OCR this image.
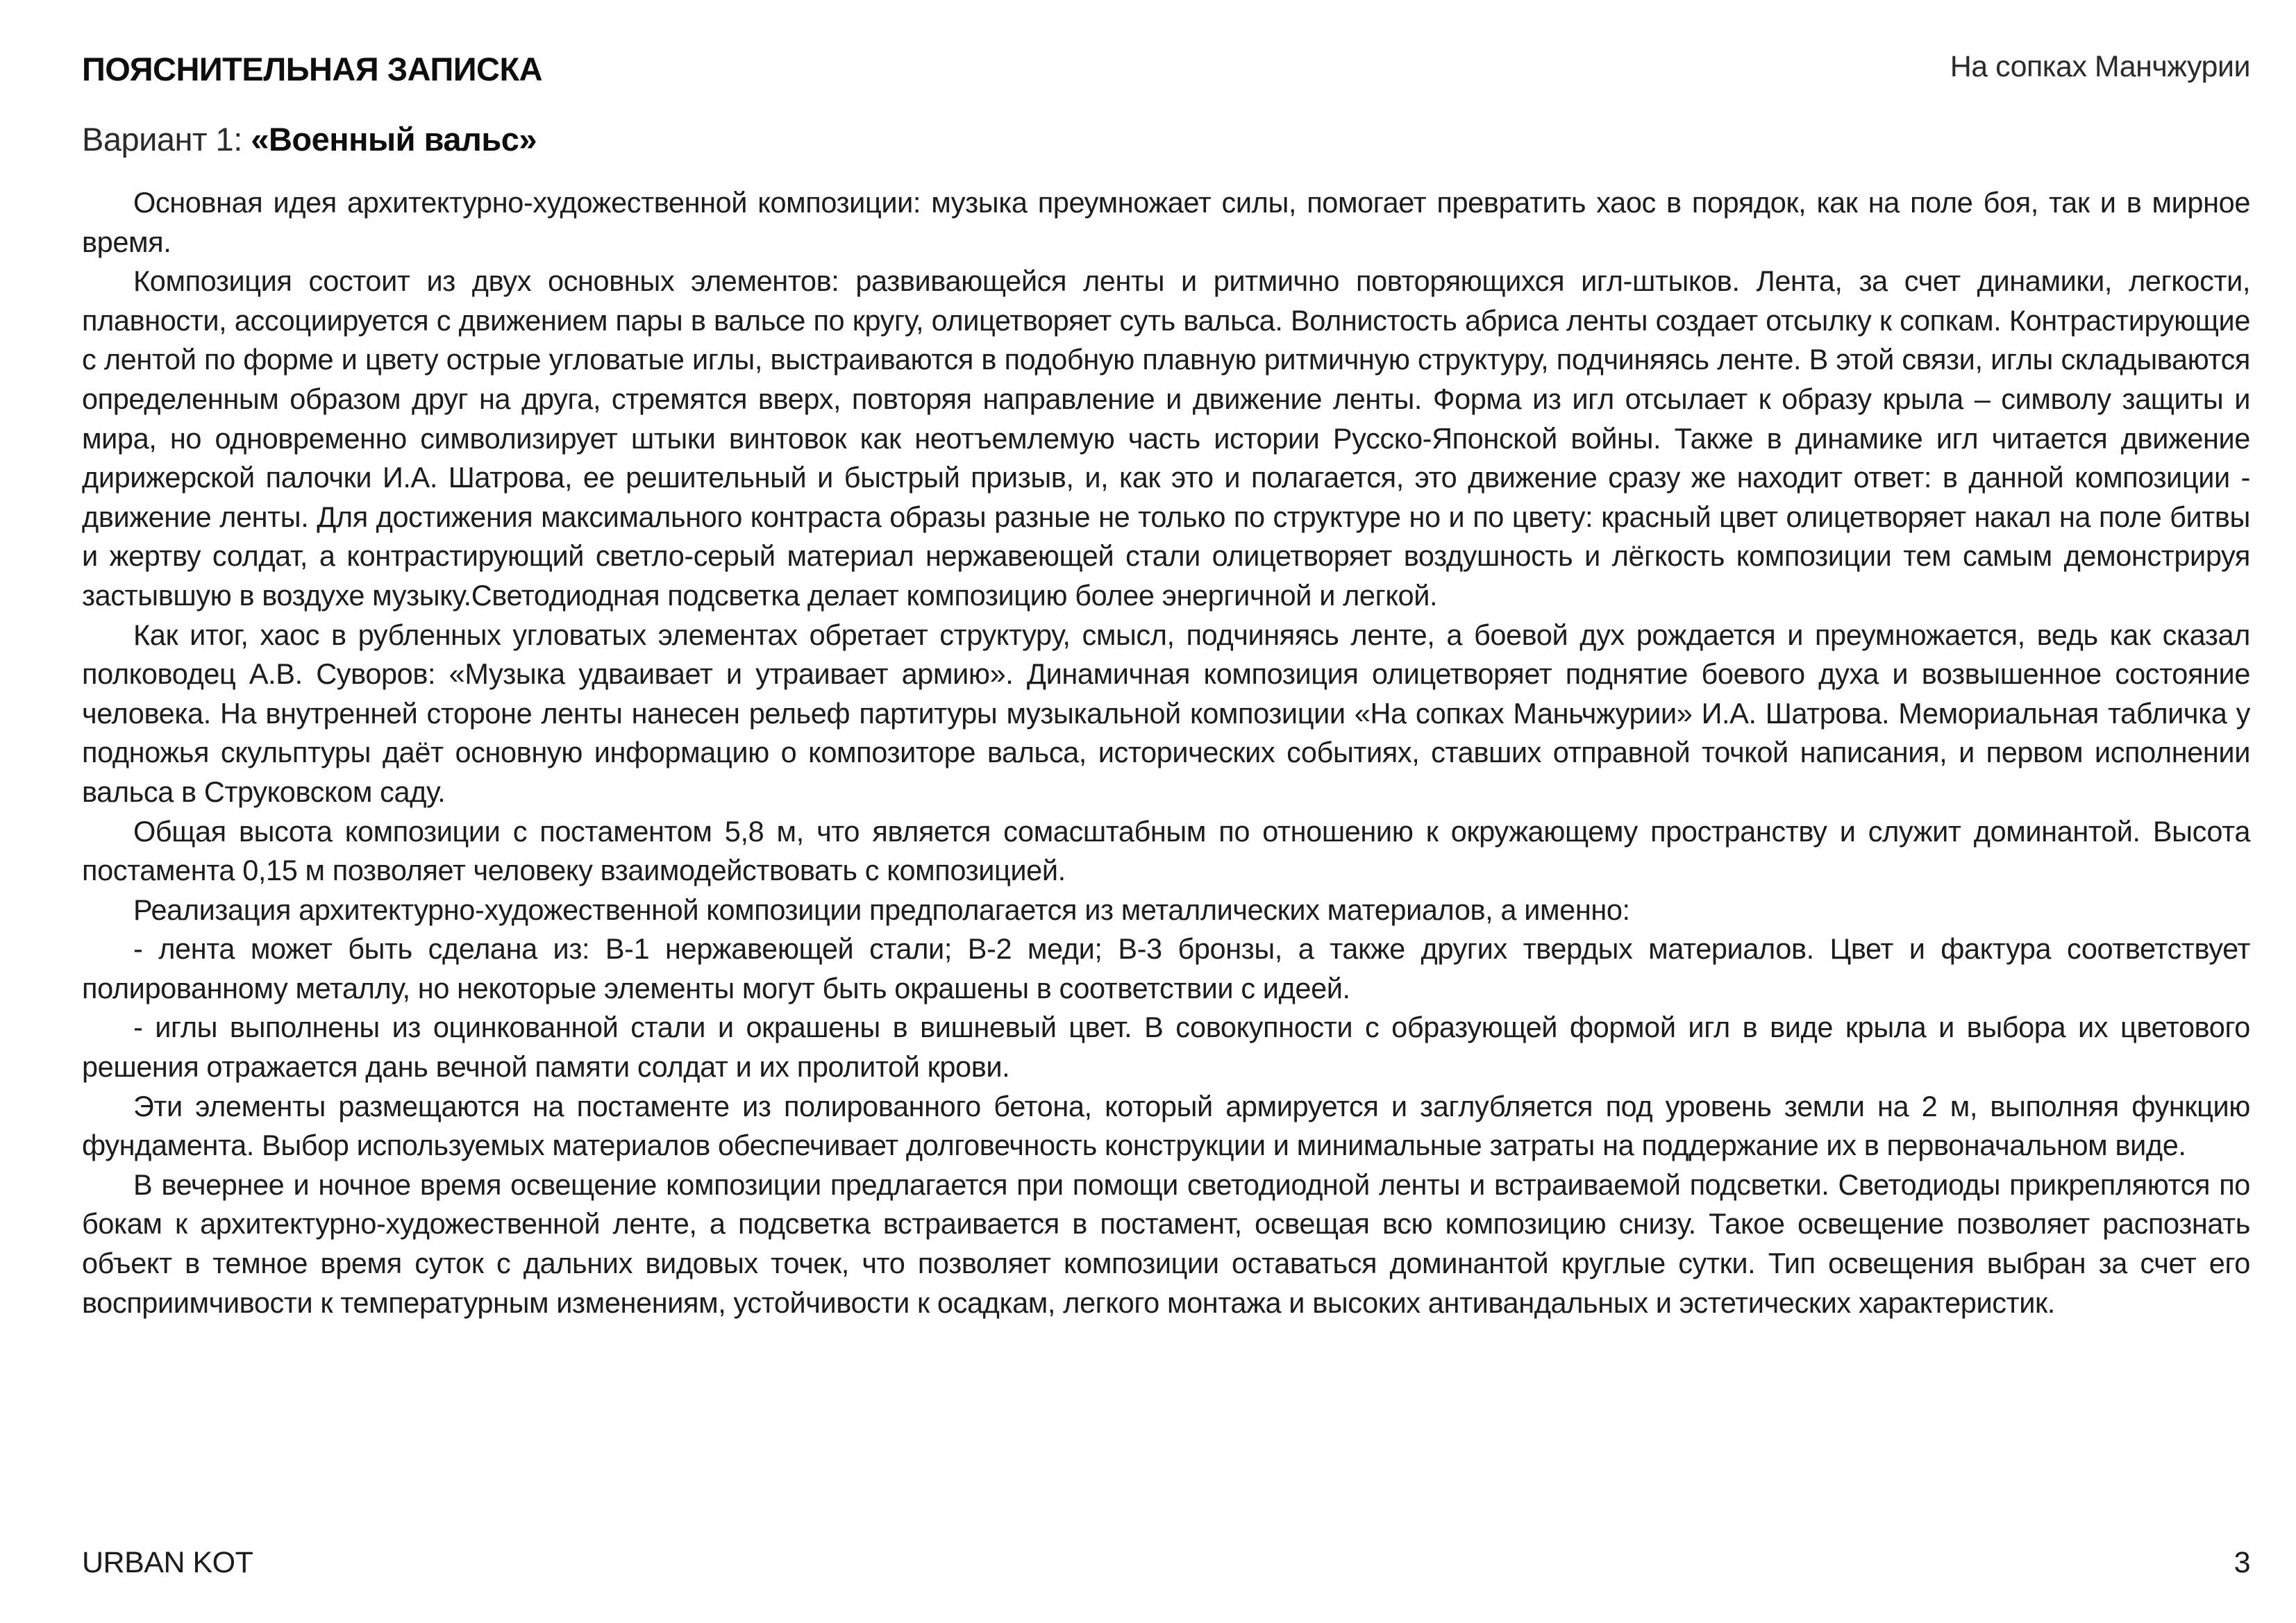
ПОЯСНИТЕЛЬНАЯ ЗАПИСКА	На сопках Манчжурии
Вариант 1: «Военный вальс»

Основная идея архитектурно-художественной композиции: музыка преумножает силы, помогает превратить хаос в порядок, как на поле боя, так и в мирное время.

Композиция состоит из двух основных элементов: развивающейся ленты и ритмично повторяющихся игл-штыков. Лента, за счет динамики, легкости, плавности, ассоциируется с движением пары в вальсе по кругу, олицетворяет суть вальса. Волнистость абриса ленты создает отсылку к сопкам. Контрастирующие с лентой по форме и цвету острые угловатые иглы, выстраиваются в подобную плавную ритмичную структуру, подчиняясь ленте. В этой связи, иглы складываются определенным образом друг на друга, стремятся вверх, повторяя направление и движение ленты. Форма из игл отсылает к образу крыла – символу защиты и мира, но одновременно символизирует штыки винтовок как неотъемлемую часть истории Русско-Японской войны. Также в динамике игл читается движение дирижерской палочки И.А. Шатрова, ее решительный и быстрый призыв, и, как это и полагается, это движение сразу же находит ответ: в данной композиции - движение ленты. Для достижения максимального контраста образы разные не только по структуре но и по цвету: красный цвет олицетворяет накал на поле битвы и жертву солдат, а контрастирующий светло-серый материал нержавеющей стали олицетворяет воздушность и лёгкость композиции тем самым демонстрируя застывшую в воздухе музыку.Светодиодная подсветка делает композицию более энергичной и легкой.

Как итог, хаос в рубленных угловатых элементах обретает структуру, смысл, подчиняясь ленте, а боевой дух рождается и преумножается, ведь как сказал полководец А.В. Суворов: «Музыка удваивает и утраивает армию». Динамичная композиция олицетворяет поднятие боевого духа и возвышенное состояние человека. На внутренней стороне ленты нанесен рельеф партитуры музыкальной композиции «На сопках Маньчжурии» И.А. Шатрова. Мемориальная табличка у подножья скульптуры даёт основную информацию о композиторе вальса, исторических событиях, ставших отправной точкой написания, и первом исполнении вальса в Струковском саду.

Общая высота композиции с постаментом 5,8 м, что является сомасштабным по отношению к окружающему пространству и служит доминантой. Высота постамента 0,15 м позволяет человеку взаимодействовать с композицией.

Реализация архитектурно-художественной композиции предполагается из металлических материалов, а именно:

- лента может быть сделана из: В-1 нержавеющей стали; В-2 меди; В-3 бронзы, а также других твердых материалов. Цвет и фактура соответствует полированному металлу, но некоторые элементы могут быть окрашены в соответствии с идеей.

- иглы выполнены из оцинкованной стали и окрашены в вишневый цвет. В совокупности с образующей формой игл в виде крыла и выбора их цветового решения отражается дань вечной памяти солдат и их пролитой крови.

Эти элементы размещаются на постаменте из полированного бетона, который армируется и заглубляется под уровень земли на 2 м, выполняя функцию фундамента. Выбор используемых материалов обеспечивает долговечность конструкции и минимальные затраты на поддержание их в первоначальном виде.

В вечернее и ночное время освещение композиции предлагается при помощи светодиодной ленты и встраиваемой подсветки. Светодиоды прикрепляются по бокам к архитектурно-художественной ленте, а подсветка встраивается в постамент, освещая всю композицию снизу. Такое освещение позволяет распознать объект в темное время суток с дальних видовых точек, что позволяет композиции оставаться доминантой круглые сутки. Тип освещения выбран за счет его восприимчивости к температурным изменениям, устойчивости к осадкам, легкого монтажа и высоких антивандальных и эстетических характеристик.

URBAN KOT	3
